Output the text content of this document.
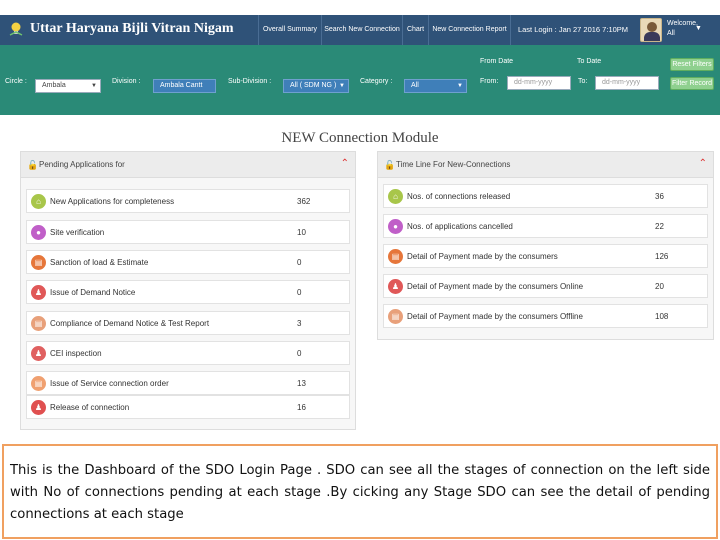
Uttar Haryana Bijli Vitran Nigam	Overall Summary	Search New Connection	Chart	New Connection Report	Last Login : Jan 27 2016 7:10PM
Welcome,
All
▼
Circle :
Ambala	▼
Division :
Ambala Cantt
Sub-Division :
All ( SDM NG ) ▼
Category :
All	▼
From Date	To Date
From:	dd-mm-yyyy	To:	dd-mm-yyyy
Reset Filters
Filter Record
NEW Connection Module
🔓 Pending Applications for	⌃
⌂	New Applications for completeness	362
●	Site verification	10
▤ Sanction of load & Estimate	0
♟ Issue of Demand Notice	0
▤ Compliance of Demand Notice & Test Report	3
♟ CEI inspection	0
▤ Issue of Service connection order	13
♟ Release of connection	16
🔓 Time Line For New-Connections	⌃
⌂	Nos. of connections released	36
●	Nos. of applications cancelled	22
▤ Detail of Payment made by the consumers	126
♟ Detail of Payment made by the consumers Online	20
▤ Detail of Payment made by the consumers Offline	108
This is the Dashboard of the SDO Login Page . SDO can see all the stages of connection on the left side with No of connections pending at each stage .By cicking any Stage SDO can see the detail of pending connections at each stage
